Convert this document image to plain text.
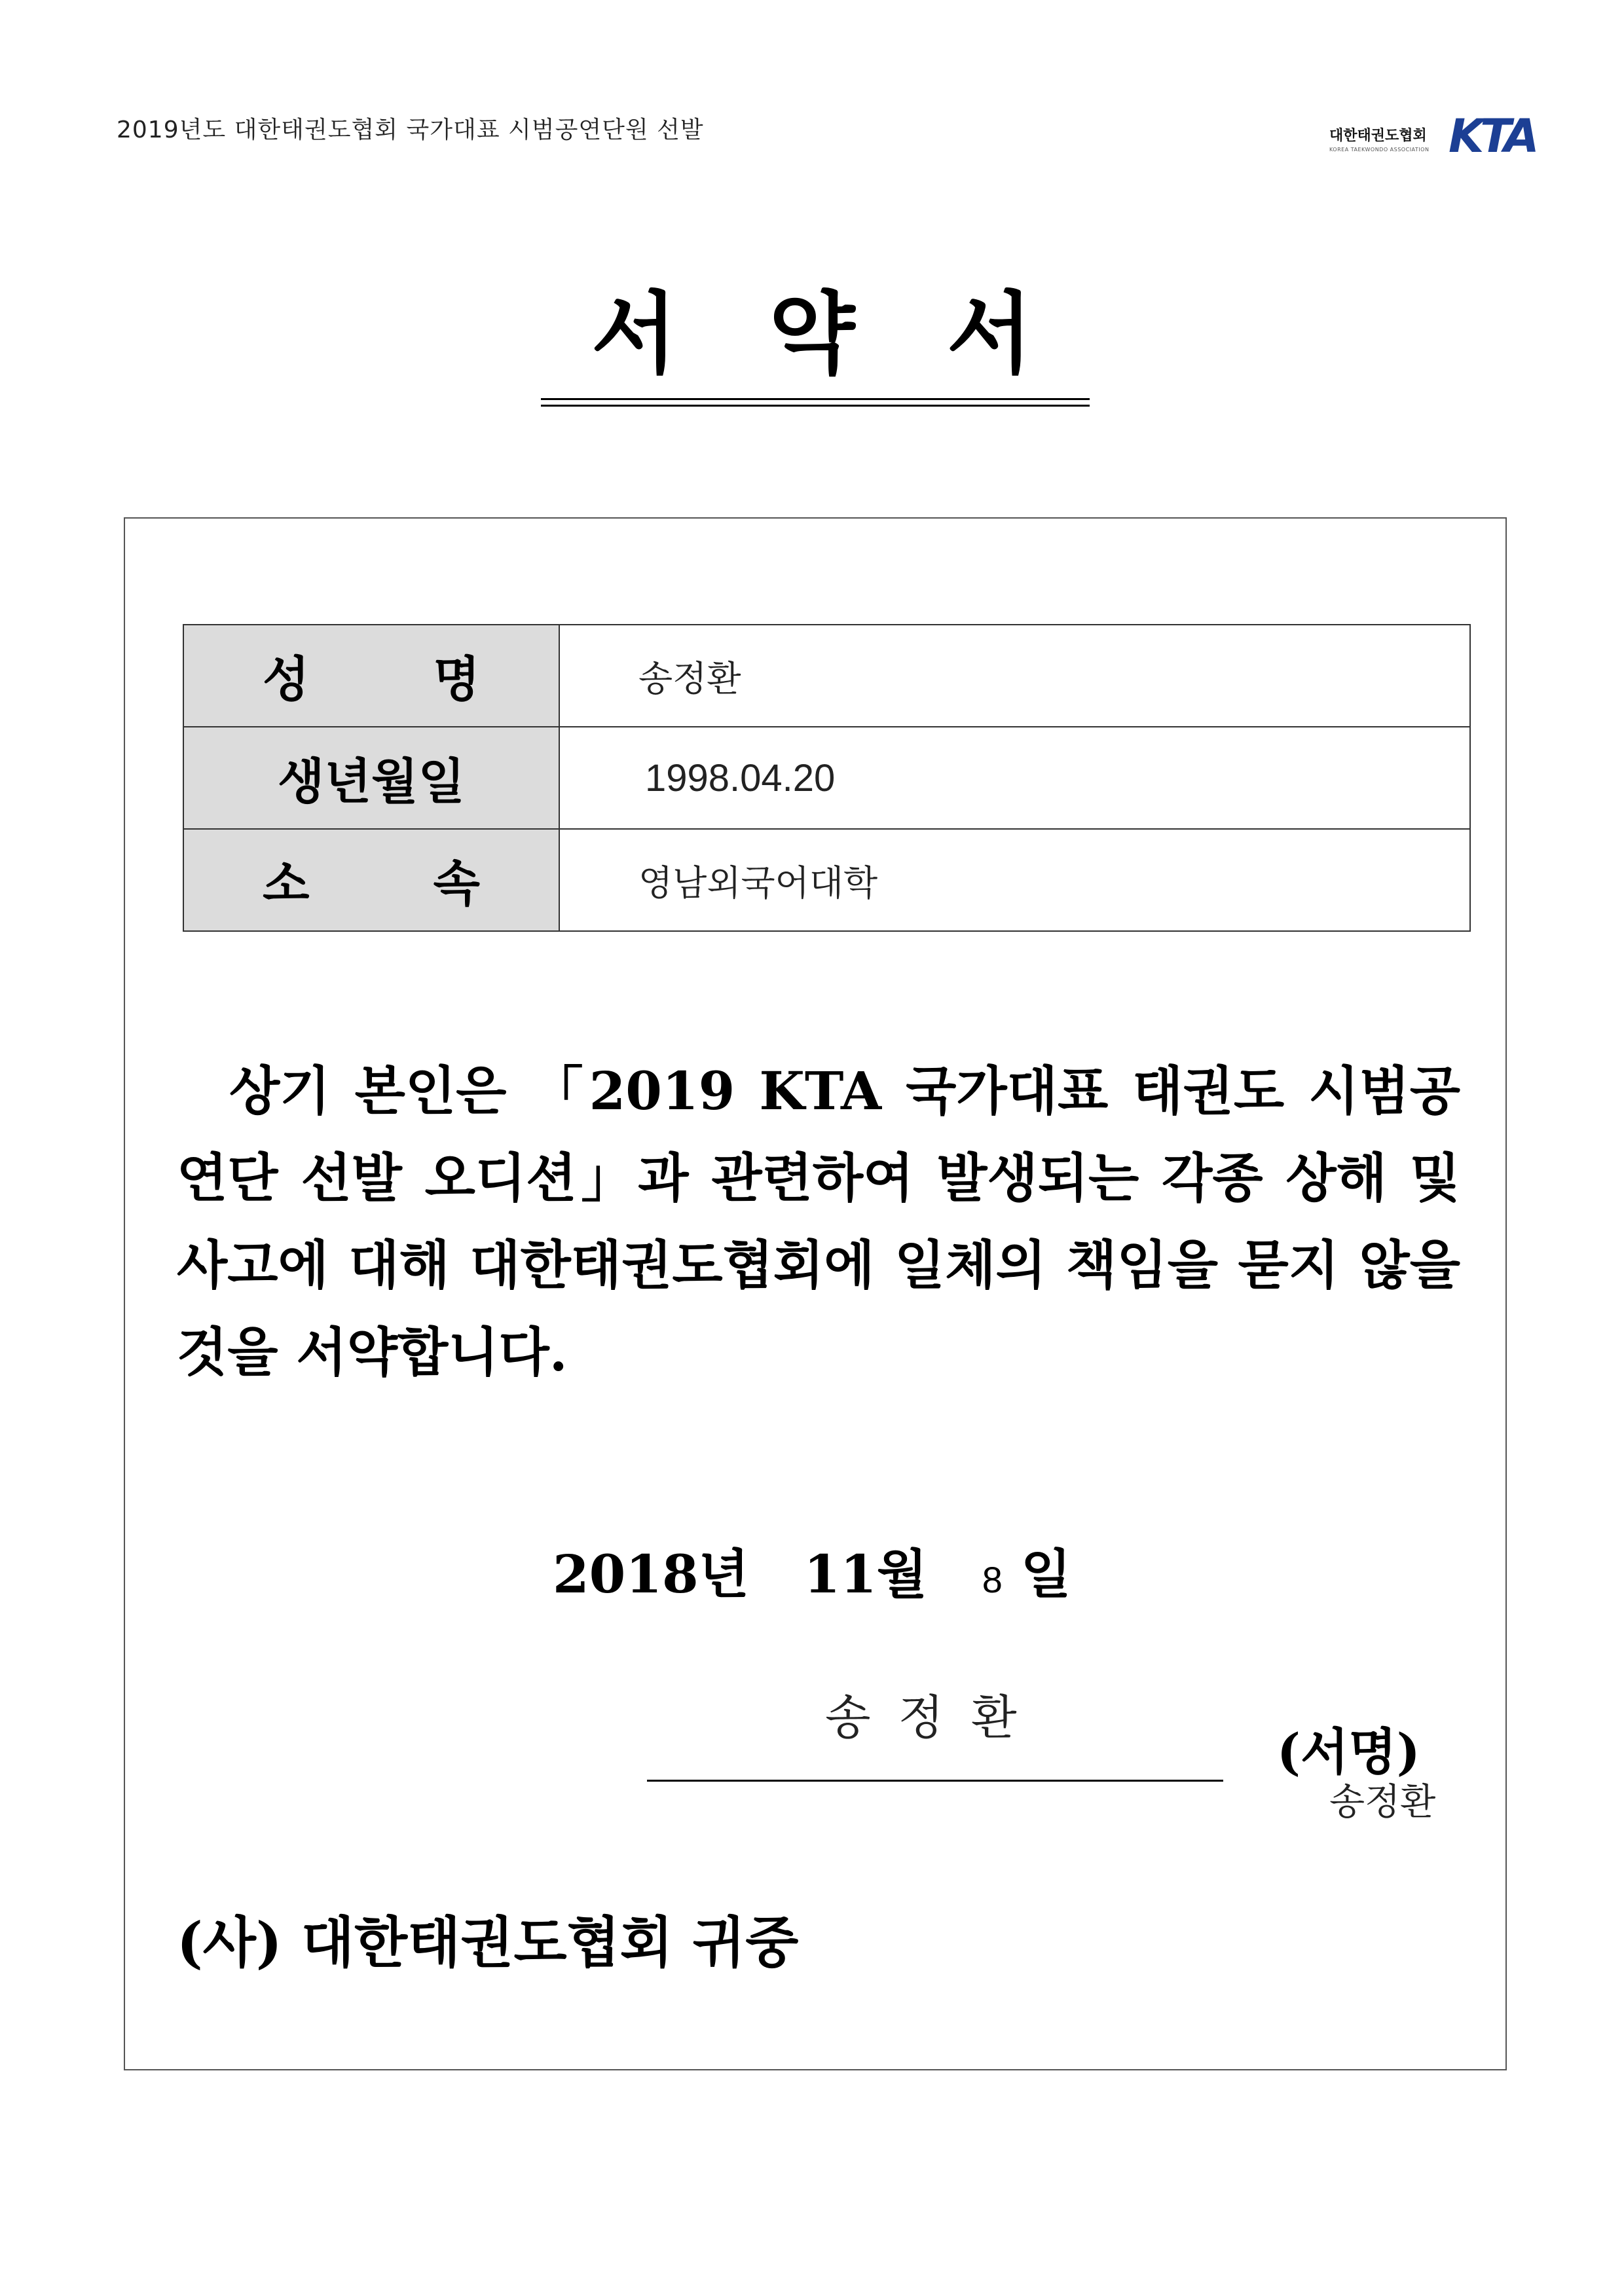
2019년도 대한태권도협회 국가대표 시범공연단원 선발	대한태권도협회
KOREA TAEKWONDO ASSOCIATION KTA
서 약 서
성 명	송정환
생년월일	1998.04.20

소 속	영남외국어대학
상기 본인은 「2019 KTA 국가대표 태권도 시범공연단 선발 오디션」과 관련하여 발생되는 각종 상해 및 사고에 대해 대한태권도협회에 일체의 책임을 묻지 않을 것을 서약합니다.
2018년 11월 8 일
송정환
(서명)
송정환
(사) 대한태권도협회 귀중
